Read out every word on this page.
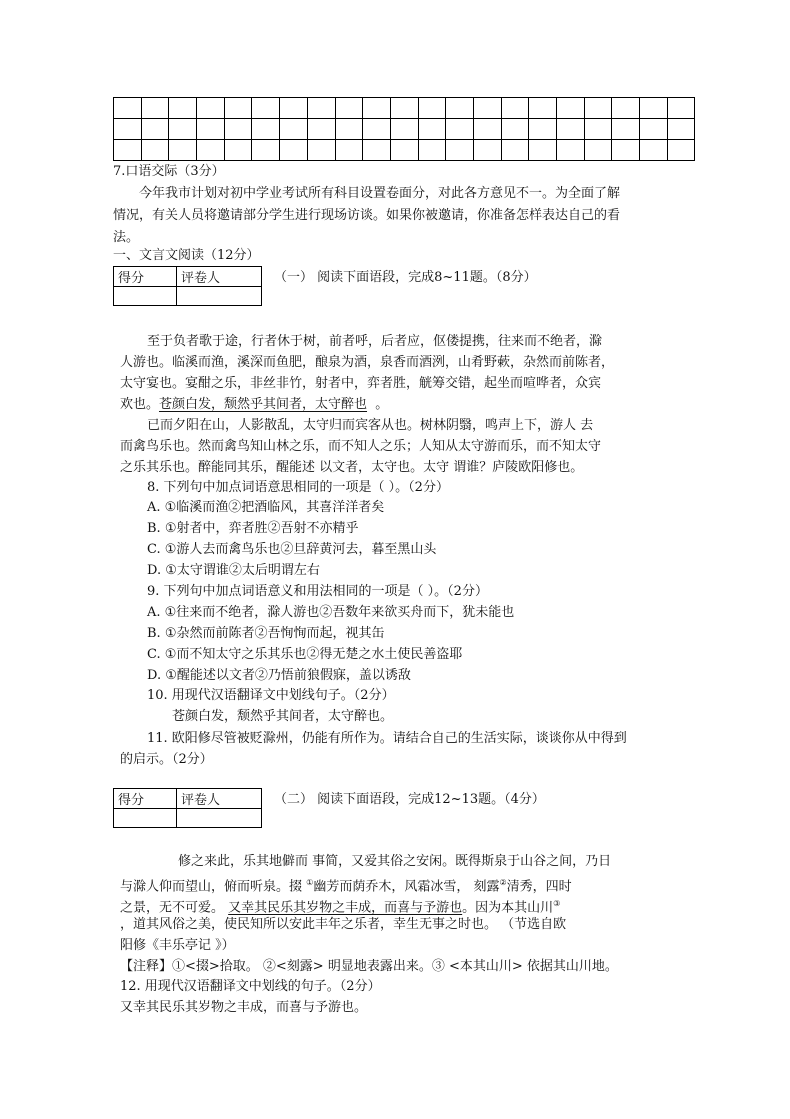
7.口语交际（3分）
今年我市计划对初中学业考试所有科目设置卷面分，对此各方意见不一。为全面了解
情况，有关人员将邀请部分学生进行现场访谈。如果你被邀请，你准备怎样表达自己的看
法。
一、文言文阅读（12分）
得分	评卷人
		（一） 阅读下面语段，完成8~11题。（8分）
至于负者歌于途，行者休于树，前者呼，后者应，伛偻提携，往来而不绝者，滁
人游也。临溪而渔，溪深而鱼肥，酿泉为酒，泉香而酒洌，山肴野蔌，杂然而前陈者，
太守宴也。宴酣之乐，非丝非竹，射者中，弈者胜，觥筹交错，起坐而喧哗者，众宾
欢也。苍颜白发，颓然乎其间者，太守醉也 。
已而夕阳在山，人影散乱，太守归而宾客从也。树林阴翳，鸣声上下，游人 去
而禽鸟乐也。然而禽鸟知山林之乐，而不知人之乐；人知从太守游而乐，而不知太守
之乐其乐也。醉能同其乐，醒能述 以文者，太守也。太守 谓谁？庐陵欧阳修也。
8. 下列句中加点词语意思相同的一项是（ ）。（2分）
A. ①临溪而渔②把酒临风，其喜洋洋者矣
B. ①射者中，弈者胜②吾射不亦精乎
C. ①游人去而禽鸟乐也②旦辞黄河去，暮至黑山头
D. ①太守谓谁②太后明谓左右
9. 下列句中加点词语意义和用法相同的一项是（ ）。（2分）
A. ①往来而不绝者，滁人游也②吾数年来欲买舟而下，犹未能也
B. ①杂然而前陈者②吾恂恂而起，视其缶
C. ①而不知太守之乐其乐也②得无楚之水土使民善盗耶
D. ①醒能述以文者②乃悟前狼假寐，盖以诱敌
10. 用现代汉语翻译文中划线句子。（2分）
苍颜白发，颓然乎其间者，太守醉也。
11. 欧阳修尽管被贬滁州，仍能有所作为。请结合自己的生活实际，谈谈你从中得到
的启示。（2分）
得分	评卷人
		（二） 阅读下面语段，完成12~13题。（4分）
修之来此，乐其地僻而 事简，又爱其俗之安闲。既得斯泉于山谷之间，乃日
与滁人仰而望山，俯而听泉。掇 ①幽芳而荫乔木，风霜冰雪， 刻露②清秀，四时
之景，无不可爱。 又幸其民乐其岁物之丰成，而喜与予游也。因为本其山川③
，道其风俗之美，使民知所以安此丰年之乐者，幸生无事之时也。 （节选自欧
阳修《丰乐亭记 》）
【注释】①<掇>拾取。 ②<刻露> 明显地表露出来。③ <本其山川> 依据其山川地。
12. 用现代汉语翻译文中划线的句子。（2分）
又幸其民乐其岁物之丰成，而喜与予游也。
